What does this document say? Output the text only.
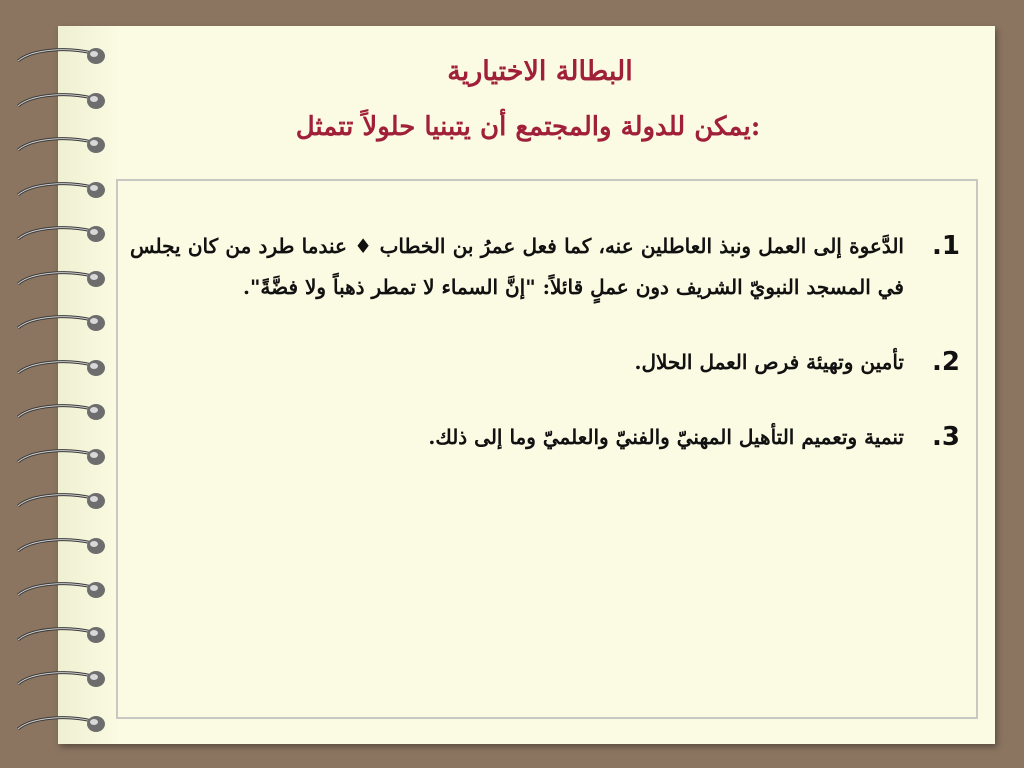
البطالة الاختيارية
يمكن للدولة والمجتمع أن يتبنيا حلولاً تتمثل:
1.
الدَّعوة إلى العمل ونبذ العاطلين عنه، كما فعل عمرُ بن الخطاب ♦ عندما طرد من كان يجلس في المسجد النبويّ الشريف دون عملٍ قائلاً: "إنَّ السماء لا تمطر ذهباً ولا فضَّةً".
2.
تأمين وتهيئة فرص العمل الحلال.
3.
تنمية وتعميم التأهيل المهنيّ والفنيّ والعلميّ وما إلى ذلك.
